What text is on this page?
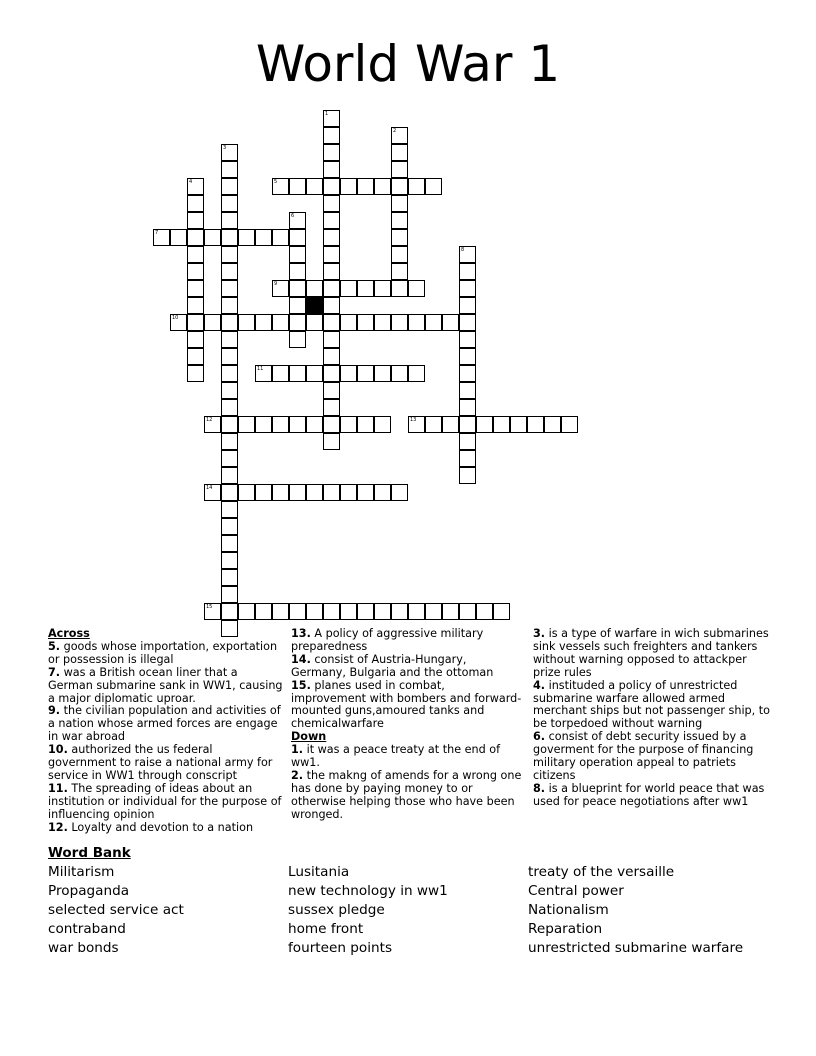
World War 1
1
2
3
4	5
6
7
8
9
10
11
12	13
14
15
Across
5. goods whose importation, exportation or possession is illegal
7. was a British ocean liner that a German submarine sank in WW1, causing a major diplomatic uproar.
9. the civilian population and activities of a nation whose armed forces are engage in war abroad
10. authorized the us federal government to raise a national army for service in WW1 through conscript
11. The spreading of ideas about an institution or individual for the purpose of influencing opinion
12. Loyalty and devotion to a nation
13. A policy of aggressive military preparedness
14. consist of Austria-Hungary, Germany, Bulgaria and the ottoman
15. planes used in combat, improvement with bombers and forward-mounted guns,amoured tanks and chemicalwarfare
Down
1. it was a peace treaty at the end of ww1.
2. the makng of amends for a wrong one has done by paying money to or otherwise helping those who have been wronged.
3. is a type of warfare in wich submarines sink vessels such freighters and tankers without warning opposed to attackper prize rules
4. instituded a policy of unrestricted submarine warfare allowed armed merchant ships but not passenger ship, to be torpedoed without warning
6. consist of debt security issued by a goverment for the purpose of financing military operation appeal to patriets citizens
8. is a blueprint for world peace that was used for peace negotiations after ww1
Word Bank
Militarism
Propaganda
selected service act
contraband
war bonds
Lusitania
new technology in ww1
sussex pledge
home front
fourteen points
treaty of the versaille
Central power
Nationalism
Reparation
unrestricted submarine warfare
